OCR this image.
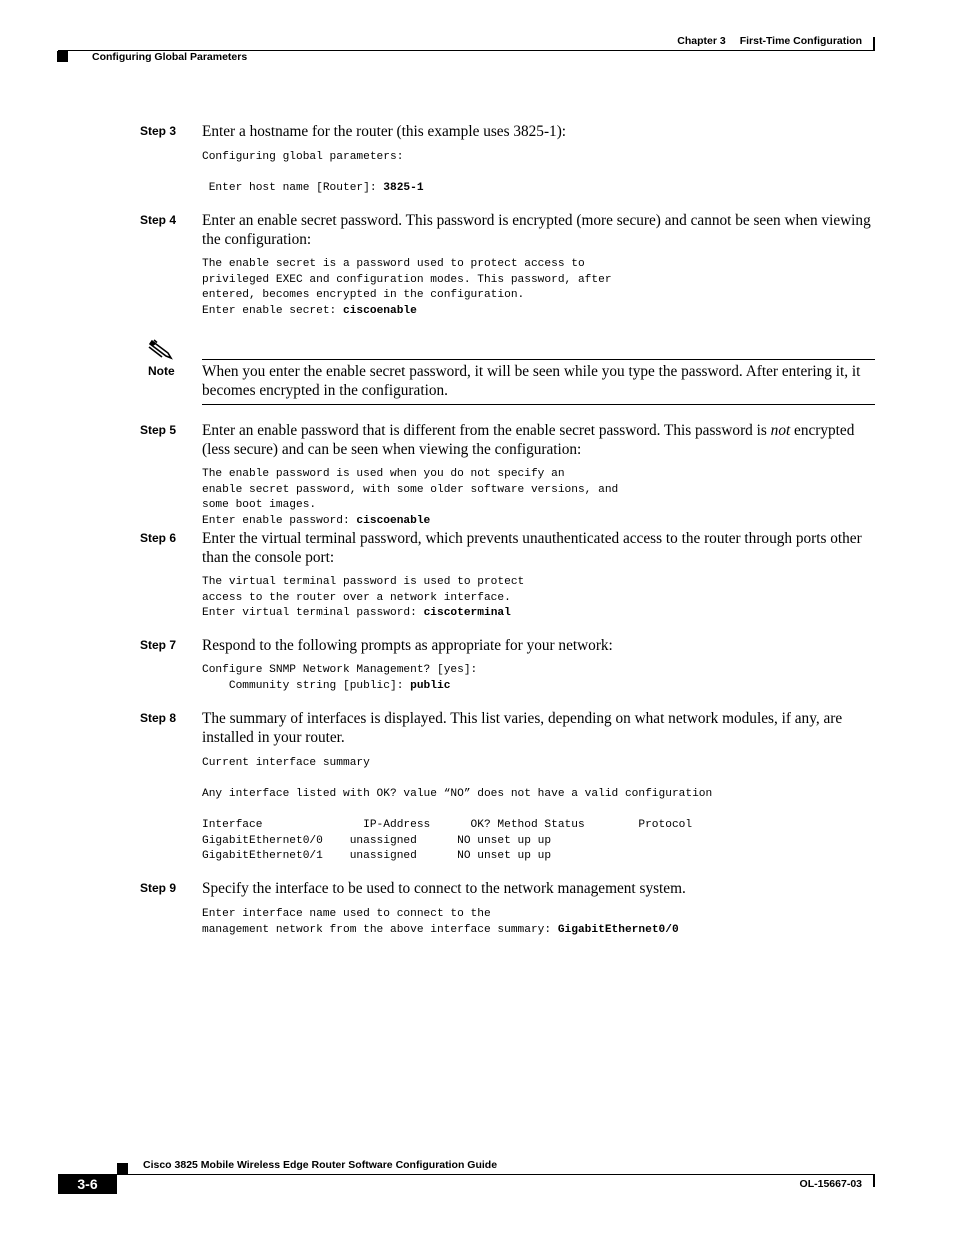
Chapter 3 First-Time Configuration
Configuring Global Parameters
Step 3 Enter a hostname for the router (this example uses 3825-1):
Configuring global parameters:
Enter host name [Router]: 3825-1
Step 4 Enter an enable secret password. This password is encrypted (more secure) and cannot be seen when viewing the configuration:
The enable secret is a password used to protect access to
privileged EXEC and configuration modes. This password, after
entered, becomes encrypted in the configuration.
Enter enable secret: ciscoenable
Note When you enter the enable secret password, it will be seen while you type the password. After entering it, it becomes encrypted in the configuration.
Step 5 Enter an enable password that is different from the enable secret password. This password is not encrypted (less secure) and can be seen when viewing the configuration:
The enable password is used when you do not specify an
enable secret password, with some older software versions, and
some boot images.
Enter enable password: ciscoenable
Step 6 Enter the virtual terminal password, which prevents unauthenticated access to the router through ports other than the console port:
The virtual terminal password is used to protect
access to the router over a network interface.
Enter virtual terminal password: ciscoterminal
Step 7 Respond to the following prompts as appropriate for your network:
Configure SNMP Network Management? [yes]:
Community string [public]: public
Step 8 The summary of interfaces is displayed. This list varies, depending on what network modules, if any, are installed in your router.
Current interface summary
Any interface listed with OK? value “NO” does not have a valid configuration
Interface               IP-Address      OK? Method Status        Protocol
GigabitEthernet0/0    unassigned      NO unset up up
GigabitEthernet0/1    unassigned      NO unset up up
Step 9 Specify the interface to be used to connect to the network management system.
Enter interface name used to connect to the
management network from the above interface summary: GigabitEthernet0/0
Cisco 3825 Mobile Wireless Edge Router Software Configuration Guide
3-6	OL-15667-03
